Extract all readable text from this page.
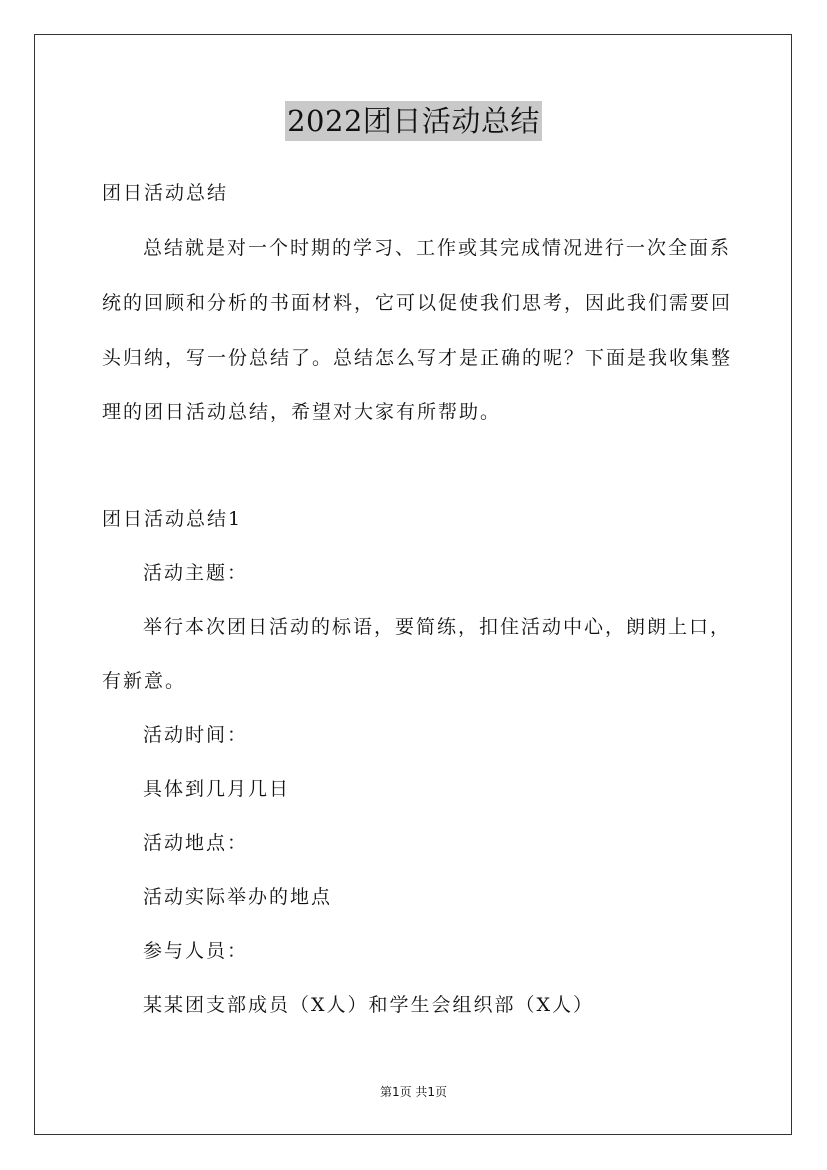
2022团日活动总结
团日活动总结
总结就是对一个时期的学习、工作或其完成情况进行一次全面系
统的回顾和分析的书面材料，它可以促使我们思考，因此我们需要回
头归纳，写一份总结了。总结怎么写才是正确的呢？下面是我收集整
理的团日活动总结，希望对大家有所帮助。
团日活动总结1
活动主题：
举行本次团日活动的标语，要简练，扣住活动中心，朗朗上口，
有新意。
活动时间：
具体到几月几日
活动地点：
活动实际举办的地点
参与人员：
某某团支部成员（X人）和学生会组织部（X人）
第1页 共1页
